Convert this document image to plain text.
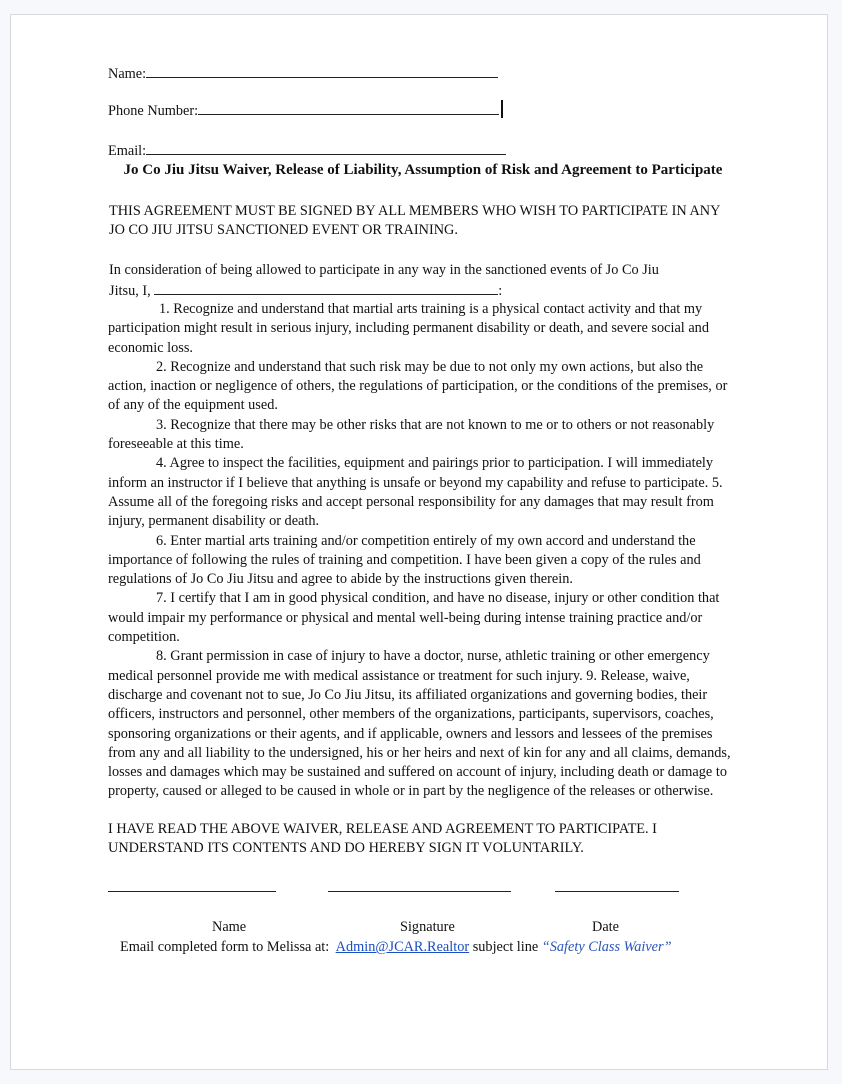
Name:
Phone Number:
Email:
Jo Co Jiu Jitsu Waiver, Release of Liability, Assumption of Risk and Agreement to Participate
THIS AGREEMENT MUST BE SIGNED BY ALL MEMBERS WHO WISH TO PARTICIPATE IN ANY JO CO JIU JITSU SANCTIONED EVENT OR TRAINING.
In consideration of being allowed to participate in any way in the sanctioned events of Jo Co Jiu
Jitsu, I,	:

1. Recognize and understand that martial arts training is a physical contact activity and that my participation might result in serious injury, including permanent disability or death, and severe social and economic loss.

2. Recognize and understand that such risk may be due to not only my own actions, but also the action, inaction or negligence of others, the regulations of participation, or the conditions of the premises, or of any of the equipment used.

3. Recognize that there may be other risks that are not known to me or to others or not reasonably foreseeable at this time.

4. Agree to inspect the facilities, equipment and pairings prior to participation. I will immediately inform an instructor if I believe that anything is unsafe or beyond my capability and refuse to participate. 5. Assume all of the foregoing risks and accept personal responsibility for any damages that may result from injury, permanent disability or death.

6. Enter martial arts training and/or competition entirely of my own accord and understand the importance of following the rules of training and competition. I have been given a copy of the rules and regulations of Jo Co Jiu Jitsu and agree to abide by the instructions given therein.

7. I certify that I am in good physical condition, and have no disease, injury or other condition that would impair my performance or physical and mental well-being during intense training practice and/or competition.

8. Grant permission in case of injury to have a doctor, nurse, athletic training or other emergency medical personnel provide me with medical assistance or treatment for such injury. 9. Release, waive, discharge and covenant not to sue, Jo Co Jiu Jitsu, its affiliated organizations and governing bodies, their officers, instructors and personnel, other members of the organizations, participants, supervisors, coaches, sponsoring organizations or their agents, and if applicable, owners and lessors and lessees of the premises from any and all liability to the undersigned, his or her heirs and next of kin for any and all claims, demands, losses and damages which may be sustained and suffered on account of injury, including death or damage to property, caused or alleged to be caused in whole or in part by the negligence of the releases or otherwise.

I HAVE READ THE ABOVE WAIVER, RELEASE AND AGREEMENT TO PARTICIPATE. I UNDERSTAND ITS CONTENTS AND DO HEREBY SIGN IT VOLUNTARILY.
Name	Signature	Date
Email completed form to Melissa at: Admin@JCAR.Realtor subject line “Safety Class Waiver”
